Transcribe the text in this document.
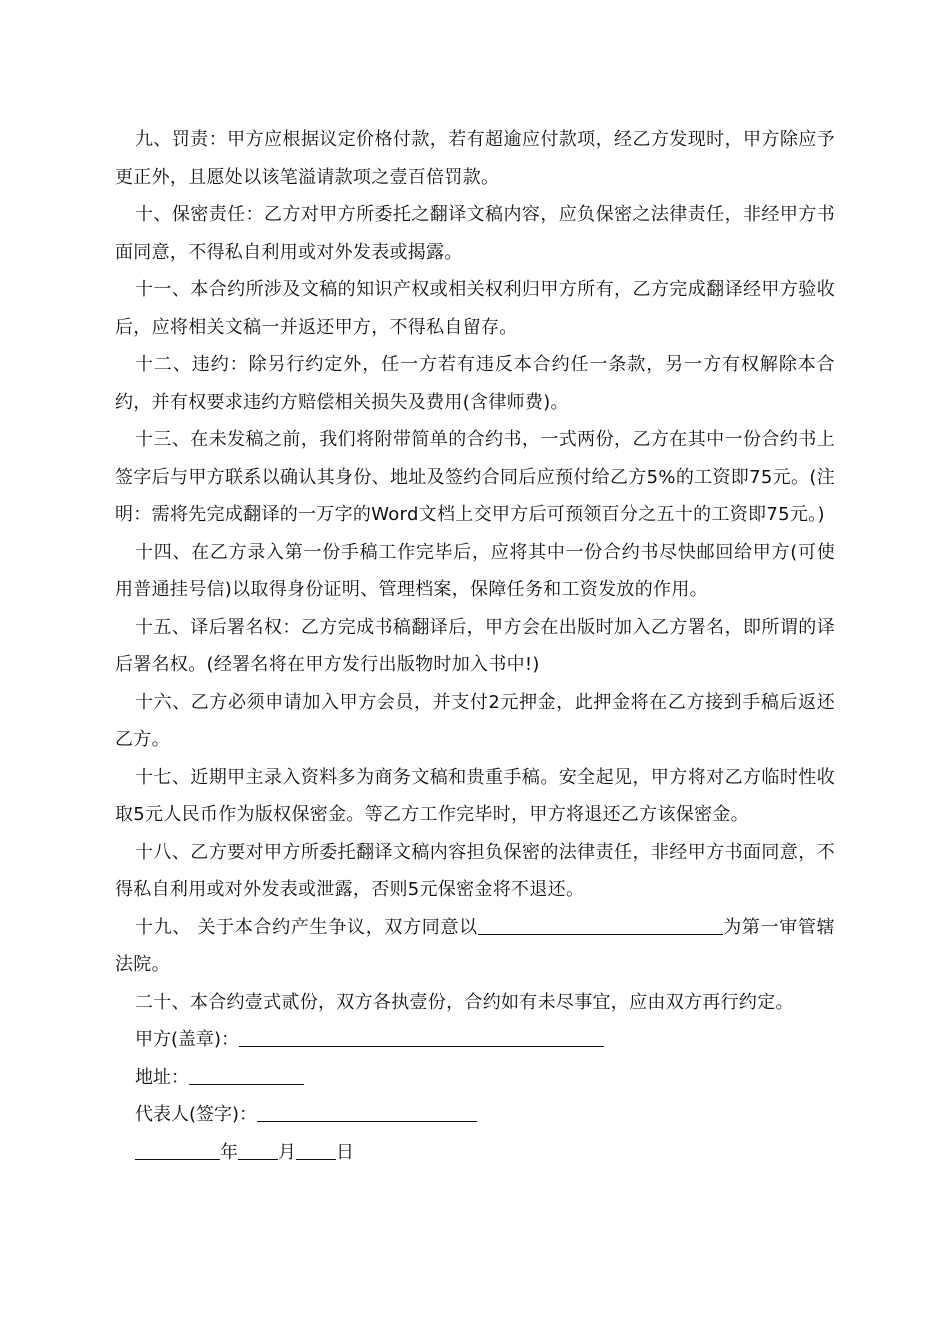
九、罚责：甲方应根据议定价格付款，若有超逾应付款项，经乙方发现时，甲方除应予更正外，且愿处以该笔溢请款项之壹百倍罚款。

十、保密责任：乙方对甲方所委托之翻译文稿内容，应负保密之法律责任，非经甲方书面同意，不得私自利用或对外发表或揭露。

十一、本合约所涉及文稿的知识产权或相关权利归甲方所有，乙方完成翻译经甲方验收后，应将相关文稿一并返还甲方，不得私自留存。

十二、违约：除另行约定外，任一方若有违反本合约任一条款，另一方有权解除本合约，并有权要求违约方赔偿相关损失及费用(含律师费)。

十三、在未发稿之前，我们将附带简单的合约书，一式两份，乙方在其中一份合约书上签字后与甲方联系以确认其身份、地址及签约合同后应预付给乙方5%的工资即75元。(注明：需将先完成翻译的一万字的Word文档上交甲方后可预领百分之五十的工资即75元。)

十四、在乙方录入第一份手稿工作完毕后，应将其中一份合约书尽快邮回给甲方(可使用普通挂号信)以取得身份证明、管理档案，保障任务和工资发放的作用。

十五、译后署名权：乙方完成书稿翻译后，甲方会在出版时加入乙方署名，即所谓的译后署名权。(经署名将在甲方发行出版物时加入书中!)

十六、乙方必须申请加入甲方会员，并支付2元押金，此押金将在乙方接到手稿后返还乙方。

十七、近期甲主录入资料多为商务文稿和贵重手稿。安全起见，甲方将对乙方临时性收取5元人民币作为版权保密金。等乙方工作完毕时，甲方将退还乙方该保密金。

十八、乙方要对甲方所委托翻译文稿内容担负保密的法律责任，非经甲方书面同意，不得私自利用或对外发表或泄露，否则5元保密金将不退还。

十九、 关于本合约产生争议，双方同意以	为第一审管辖法院。

二十、本合约壹式贰份，双方各执壹份，合约如有未尽事宜，应由双方再行约定。

甲方(盖章)：
地址：
代表人(签字)：
年 月 日
